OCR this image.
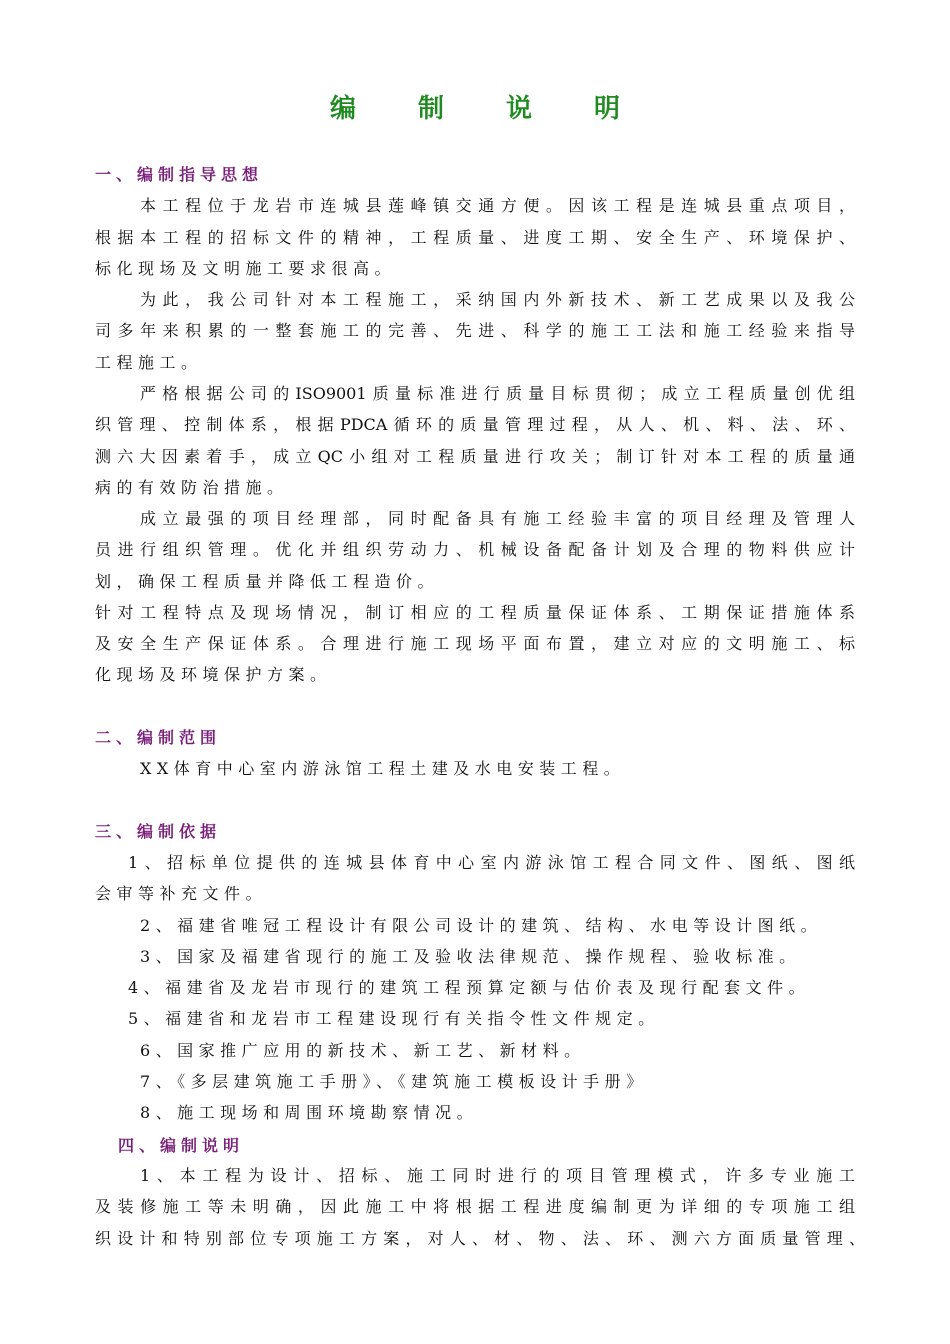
编制说明
一、编制指导思想
本工程位于龙岩市连城县莲峰镇交通方便。因该工程是连城县重点项目，
根据本工程的招标文件的精神，工程质量、进度工期、安全生产、环境保护、
标化现场及文明施工要求很高。
为此，我公司针对本工程施工，采纳国内外新技术、新工艺成果以及我公
司多年来积累的一整套施工的完善、先进、科学的施工工法和施工经验来指导
工程施工。
严格根据公司的ISO9001质量标准进行质量目标贯彻；成立工程质量创优组
织管理、控制体系，根据PDCA循环的质量管理过程，从人、机、料、法、环、
测六大因素着手，成立QC小组对工程质量进行攻关；制订针对本工程的质量通
病的有效防治措施。
成立最强的项目经理部，同时配备具有施工经验丰富的项目经理及管理人
员进行组织管理。优化并组织劳动力、机械设备配备计划及合理的物料供应计
划，确保工程质量并降低工程造价。
针对工程特点及现场情况，制订相应的工程质量保证体系、工期保证措施体系
及安全生产保证体系。合理进行施工现场平面布置，建立对应的文明施工、标
化现场及环境保护方案。
二、编制范围
XX体育中心室内游泳馆工程土建及水电安装工程。
三、编制依据
1、招标单位提供的连城县体育中心室内游泳馆工程合同文件、图纸、图纸
会审等补充文件。
2、福建省唯冠工程设计有限公司设计的建筑、结构、水电等设计图纸。
3、国家及福建省现行的施工及验收法律规范、操作规程、验收标准。
4、福建省及龙岩市现行的建筑工程预算定额与估价表及现行配套文件。
5、福建省和龙岩市工程建设现行有关指令性文件规定。
6、国家推广应用的新技术、新工艺、新材料。
7、《多层建筑施工手册》、《建筑施工模板设计手册》
8、施工现场和周围环境勘察情况。
四、编制说明
1、本工程为设计、招标、施工同时进行的项目管理模式，许多专业施工
及装修施工等未明确，因此施工中将根据工程进度编制更为详细的专项施工组
织设计和特别部位专项施工方案，对人、材、物、法、环、测六方面质量管理、
